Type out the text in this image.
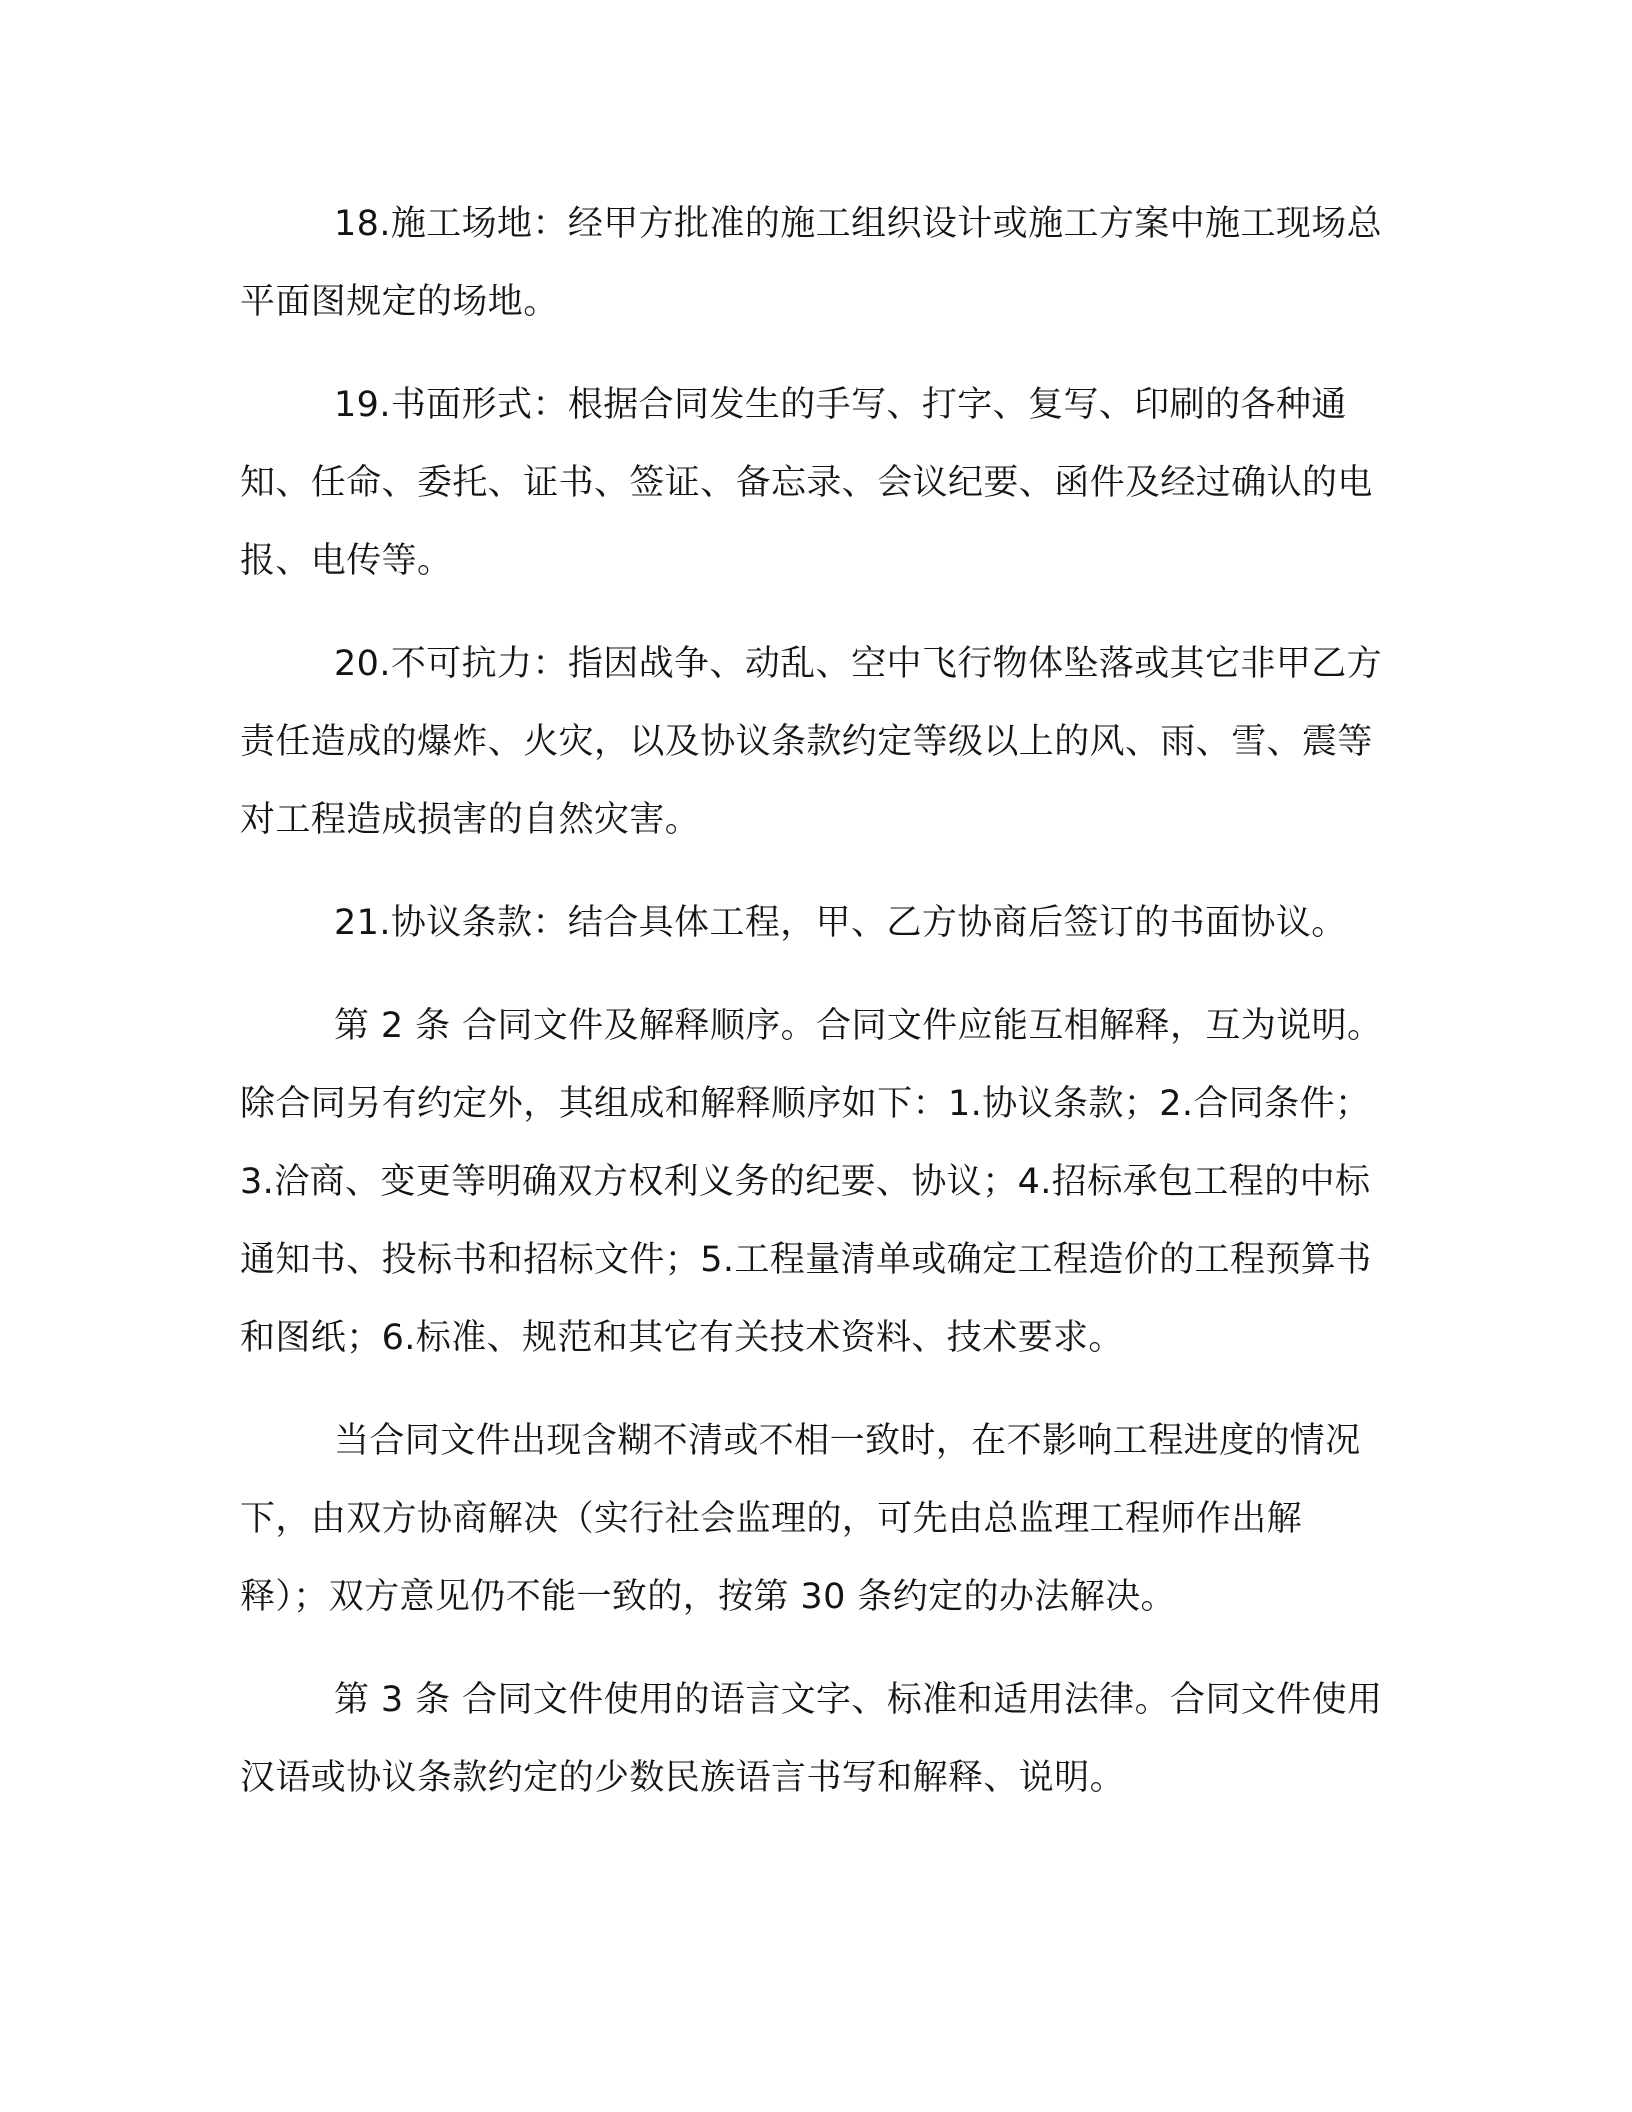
18.施工场地：经甲方批准的施工组织设计或施工方案中施工现场总平面图规定的场地。

19.书面形式：根据合同发生的手写、打字、复写、印刷的各种通知、任命、委托、证书、签证、备忘录、会议纪要、函件及经过确认的电报、电传等。

20.不可抗力：指因战争、动乱、空中飞行物体坠落或其它非甲乙方责任造成的爆炸、火灾，以及协议条款约定等级以上的风、雨、雪、震等对工程造成损害的自然灾害。

21.协议条款：结合具体工程，甲、乙方协商后签订的书面协议。

第 2 条 合同文件及解释顺序。合同文件应能互相解释，互为说明。除合同另有约定外，其组成和解释顺序如下：1.协议条款；2.合同条件；3.洽商、变更等明确双方权利义务的纪要、协议；4.招标承包工程的中标通知书、投标书和招标文件；5.工程量清单或确定工程造价的工程预算书和图纸；6.标准、规范和其它有关技术资料、技术要求。

当合同文件出现含糊不清或不相一致时，在不影响工程进度的情况下，由双方协商解决（实行社会监理的，可先由总监理工程师作出解释）；双方意见仍不能一致的，按第 30 条约定的办法解决。

第 3 条 合同文件使用的语言文字、标准和适用法律。合同文件使用汉语或协议条款约定的少数民族语言书写和解释、说明。
